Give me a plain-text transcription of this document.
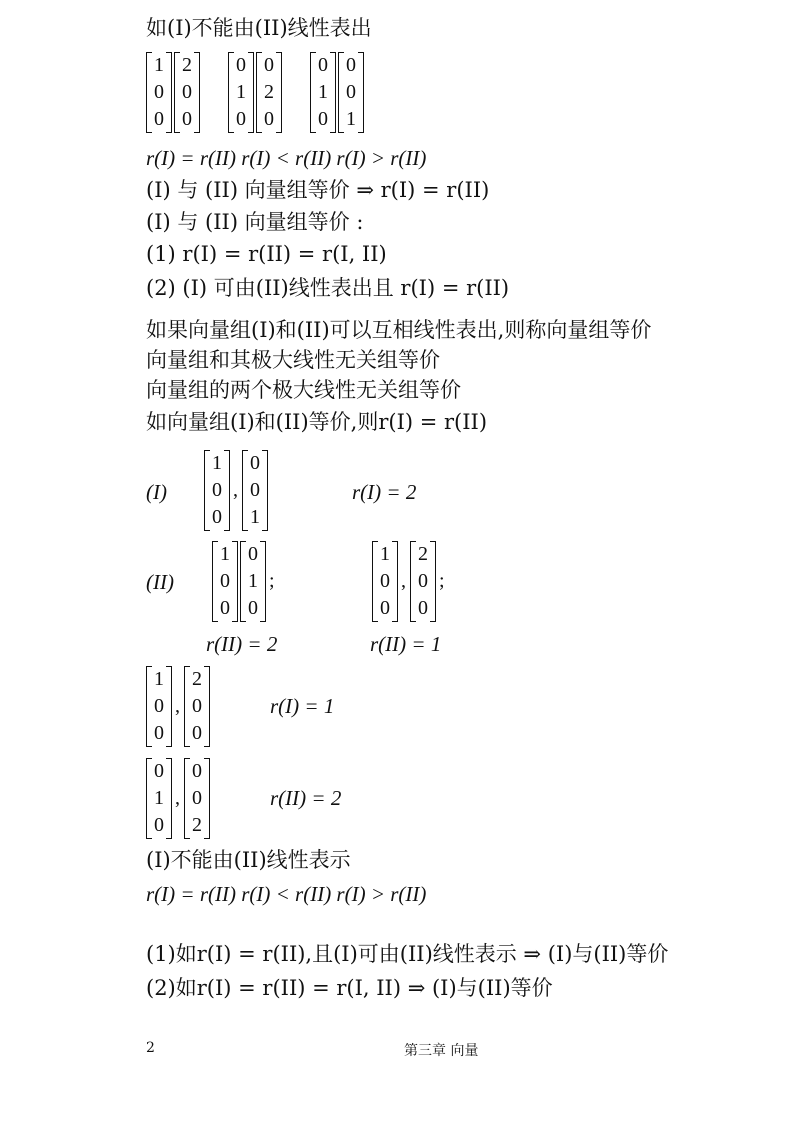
如(I)不能由(II)线性表出
1
0
0
2
0
0
0
1
0
0
2
0
0
1
0
0
0
1
r(I) = r(II) r(I) < r(II) r(I) > r(II)
(I) 与 (II) 向量组等价 ⇒ r(I) = r(II)
(I) 与 (II) 向量组等价 :
(1) r(I) = r(II) = r(I, II)
(2) (I) 可由(II)线性表出且 r(I) = r(II)
如果向量组(I)和(II)可以互相线性表出,则称向量组等价
向量组和其极大线性无关组等价
向量组的两个极大线性无关组等价
如向量组(I)和(II)等价,则r(I) = r(II)
(I)
1
0
0
,
0
0
1
r(I) = 2
(II)
1
0
0
0
1
0
;
1
0
0
,
2
0
0
;
r(II) = 2	r(II) = 1
1
0
0
,
2
0
0
r(I) = 1
0
1
0
,
0
0
2
r(II) = 2
(I)不能由(II)线性表示
r(I) = r(II) r(I) < r(II) r(I) > r(II)
(1)如r(I) = r(II),且(I)可由(II)线性表示 ⇒ (I)与(II)等价
(2)如r(I) = r(II) = r(I, II) ⇒ (I)与(II)等价
2	第三章 向量
